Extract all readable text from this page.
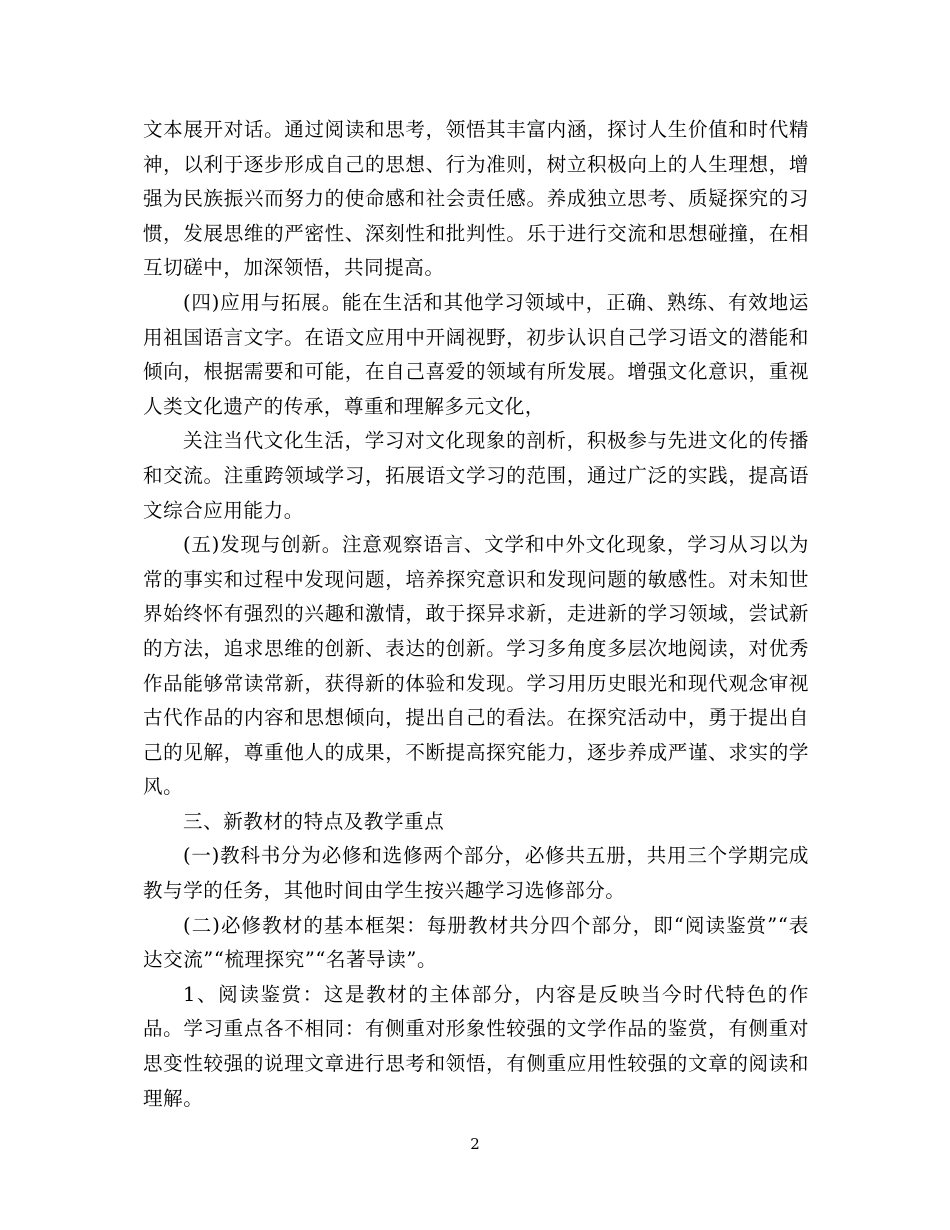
文本展开对话。通过阅读和思考，领悟其丰富内涵，探讨人生价值和时代精神，以利于逐步形成自己的思想、行为准则，树立积极向上的人生理想，增强为民族振兴而努力的使命感和社会责任感。养成独立思考、质疑探究的习惯，发展思维的严密性、深刻性和批判性。乐于进行交流和思想碰撞，在相互切磋中，加深领悟，共同提高。

(四)应用与拓展。能在生活和其他学习领域中，正确、熟练、有效地运用祖国语言文字。在语文应用中开阔视野，初步认识自己学习语文的潜能和倾向，根据需要和可能，在自己喜爱的领域有所发展。增强文化意识，重视人类文化遗产的传承，尊重和理解多元文化，

关注当代文化生活，学习对文化现象的剖析，积极参与先进文化的传播和交流。注重跨领域学习，拓展语文学习的范围，通过广泛的实践，提高语文综合应用能力。

(五)发现与创新。注意观察语言、文学和中外文化现象，学习从习以为常的事实和过程中发现问题，培养探究意识和发现问题的敏感性。对未知世界始终怀有强烈的兴趣和激情，敢于探异求新，走进新的学习领域，尝试新的方法，追求思维的创新、表达的创新。学习多角度多层次地阅读，对优秀作品能够常读常新，获得新的体验和发现。学习用历史眼光和现代观念审视古代作品的内容和思想倾向，提出自己的看法。在探究活动中，勇于提出自己的见解，尊重他人的成果，不断提高探究能力，逐步养成严谨、求实的学风。

三、新教材的特点及教学重点

(一)教科书分为必修和选修两个部分，必修共五册，共用三个学期完成教与学的任务，其他时间由学生按兴趣学习选修部分。

(二)必修教材的基本框架：每册教材共分四个部分，即“阅读鉴赏”“表达交流”“梳理探究”“名著导读”。

1、阅读鉴赏：这是教材的主体部分，内容是反映当今时代特色的作品。学习重点各不相同：有侧重对形象性较强的文学作品的鉴赏，有侧重对思变性较强的说理文章进行思考和领悟，有侧重应用性较强的文章的阅读和理解。

2
